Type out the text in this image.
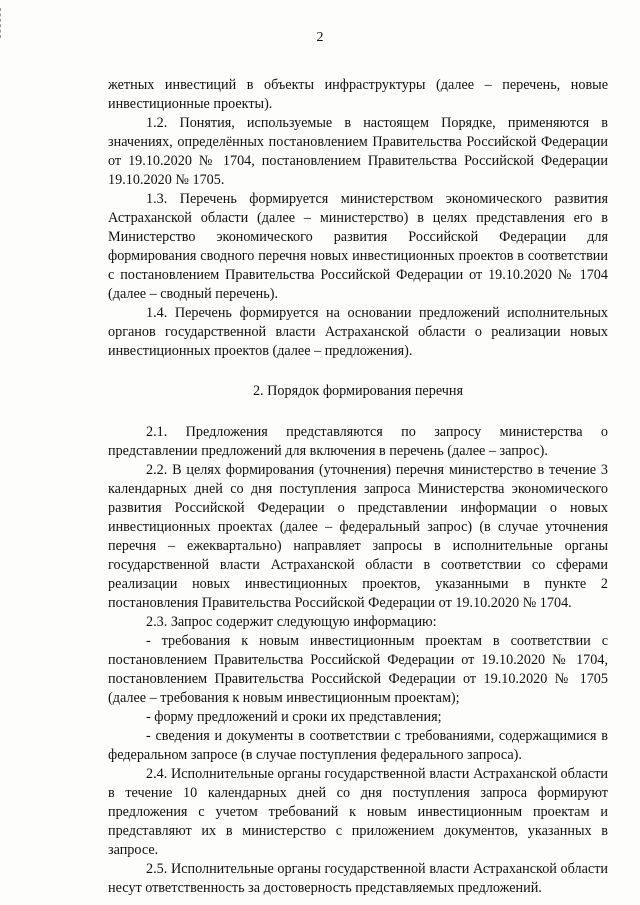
2

жетных инвестиций в объекты инфраструктуры (далее – перечень, новые инвестиционные проекты).

1.2. Понятия, используемые в настоящем Порядке, применяются в значениях, определённых постановлением Правительства Российской Федерации от 19.10.2020 № 1704, постановлением Правительства Российской Федерации 19.10.2020 № 1705.

1.3. Перечень формируется министерством экономического развития Астраханской области (далее – министерство) в целях представления его в Министерство экономического развития Российской Федерации для формирования сводного перечня новых инвестиционных проектов в соответствии с постановлением Правительства Российской Федерации от 19.10.2020 № 1704 (далее – сводный перечень).

1.4. Перечень формируется на основании предложений исполнительных органов государственной власти Астраханской области о реализации новых инвестиционных проектов (далее – предложения).

2. Порядок формирования перечня

2.1. Предложения представляются по запросу министерства о представлении предложений для включения в перечень (далее – запрос).

2.2. В целях формирования (уточнения) перечня министерство в течение 3 календарных дней со дня поступления запроса Министерства экономического развития Российской Федерации о представлении информации о новых инвестиционных проектах (далее – федеральный запрос) (в случае уточнения перечня – ежеквартально) направляет запросы в исполнительные органы государственной власти Астраханской области в соответствии со сферами реализации новых инвестиционных проектов, указанными в пункте 2 постановления Правительства Российской Федерации от 19.10.2020 № 1704.

2.3. Запрос содержит следующую информацию:

- требования к новым инвестиционным проектам в соответствии с постановлением Правительства Российской Федерации от 19.10.2020 № 1704, постановлением Правительства Российской Федерации от 19.10.2020 № 1705 (далее – требования к новым инвестиционным проектам);

- форму предложений и сроки их представления;

- сведения и документы в соответствии с требованиями, содержащимися в федеральном запросе (в случае поступления федерального запроса).

2.4. Исполнительные органы государственной власти Астраханской области в течение 10 календарных дней со дня поступления запроса формируют предложения с учетом требований к новым инвестиционным проектам и представляют их в министерство с приложением документов, указанных в запросе.

2.5. Исполнительные органы государственной власти Астраханской области несут ответственность за достоверность представляемых предложений.
